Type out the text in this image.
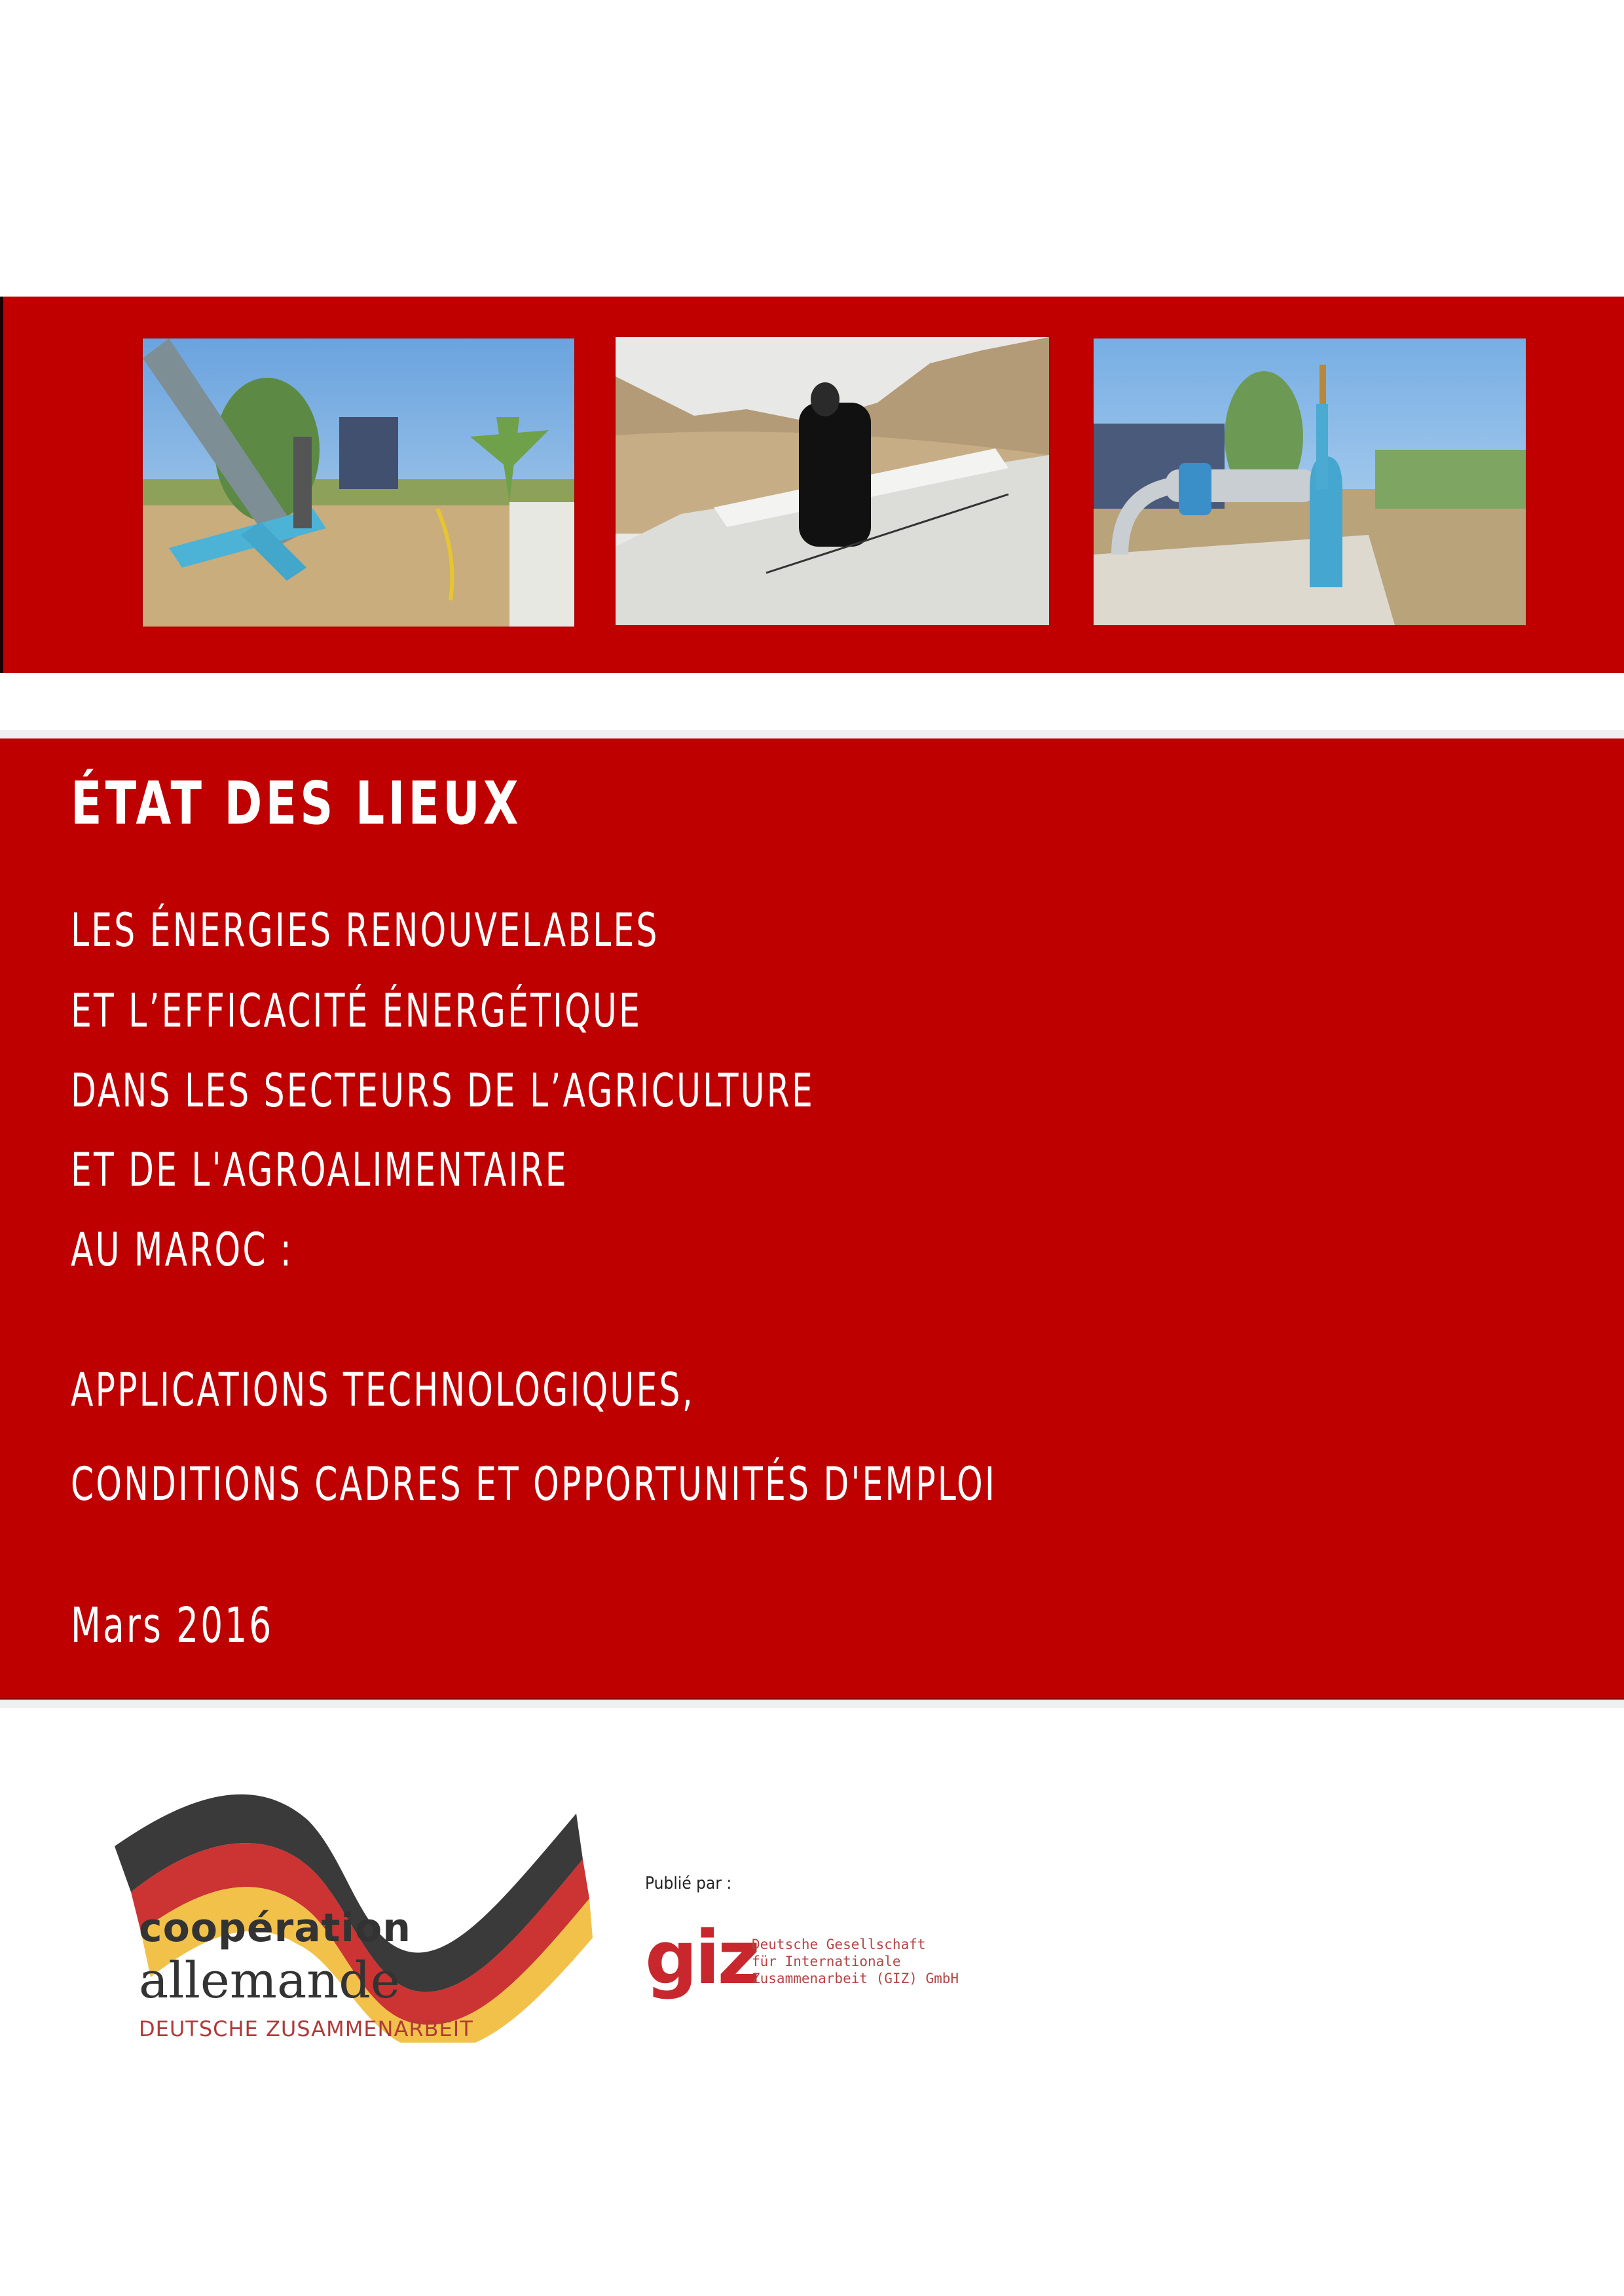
ÉTAT DES LIEUX

LES ÉNERGIES RENOUVELABLES

ET L’EFFICACITÉ ÉNERGÉTIQUE

DANS LES SECTEURS DE L’AGRICULTURE

ET DE L'AGROALIMENTAIRE

AU MAROC :

APPLICATIONS TECHNOLOGIQUES,

CONDITIONS CADRES ET OPPORTUNITÉS D'EMPLOI

Mars 2016

coopération
allemande
DEUTSCHE ZUSAMMENARBEIT
Publié par :
giz
Deutsche Gesellschaft
für Internationale
Zusammenarbeit (GIZ) GmbH
